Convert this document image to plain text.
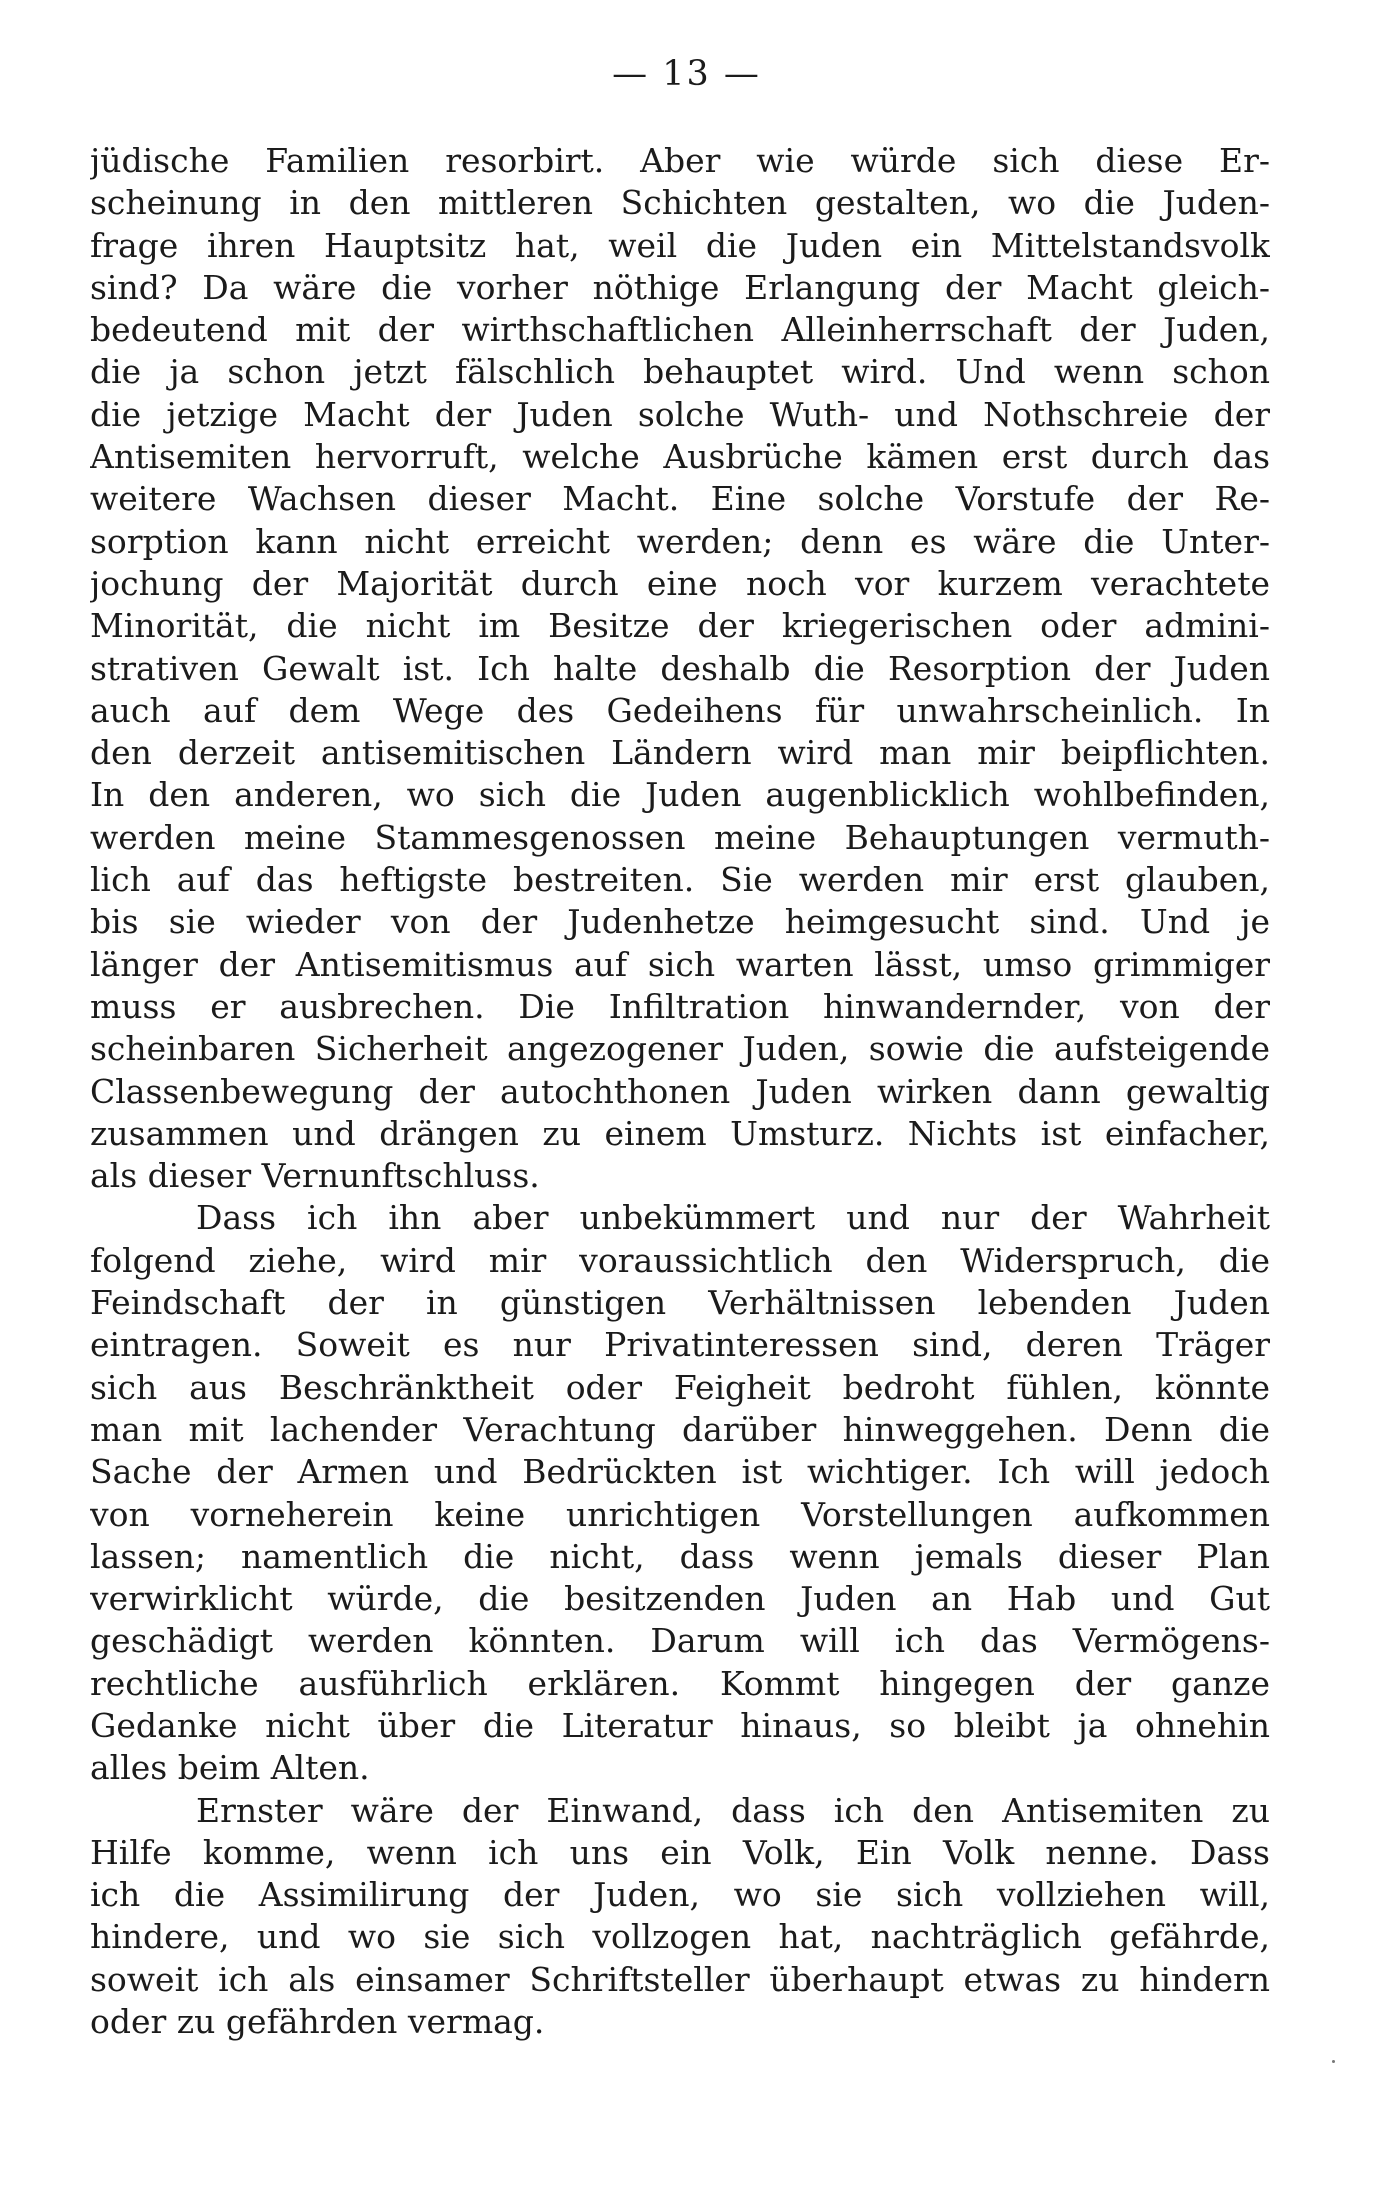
— 13 —
jüdische Familien resorbirt. Aber wie würde sich diese Er-
scheinung in den mittleren Schichten gestalten, wo die Juden-
frage ihren Hauptsitz hat, weil die Juden ein Mittelstandsvolk
sind? Da wäre die vorher nöthige Erlangung der Macht gleich-
bedeutend mit der wirthschaftlichen Alleinherrschaft der Juden,
die ja schon jetzt fälschlich behauptet wird. Und wenn schon
die jetzige Macht der Juden solche Wuth- und Nothschreie der
Antisemiten hervorruft, welche Ausbrüche kämen erst durch das
weitere Wachsen dieser Macht. Eine solche Vorstufe der Re-
sorption kann nicht erreicht werden; denn es wäre die Unter-
jochung der Majorität durch eine noch vor kurzem verachtete
Minorität, die nicht im Besitze der kriegerischen oder admini-
strativen Gewalt ist. Ich halte deshalb die Resorption der Juden
auch auf dem Wege des Gedeihens für unwahrscheinlich. In
den derzeit antisemitischen Ländern wird man mir beipflichten.
In den anderen, wo sich die Juden augenblicklich wohlbefinden,
werden meine Stammesgenossen meine Behauptungen vermuth-
lich auf das heftigste bestreiten. Sie werden mir erst glauben,
bis sie wieder von der Judenhetze heimgesucht sind. Und je
länger der Antisemitismus auf sich warten lässt, umso grimmiger
muss er ausbrechen. Die Infiltration hinwandernder, von der
scheinbaren Sicherheit angezogener Juden, sowie die aufsteigende
Classenbewegung der autochthonen Juden wirken dann gewaltig
zusammen und drängen zu einem Umsturz. Nichts ist einfacher,
als dieser Vernunftschluss.
Dass ich ihn aber unbekümmert und nur der Wahrheit
folgend ziehe, wird mir voraussichtlich den Widerspruch, die
Feindschaft der in günstigen Verhältnissen lebenden Juden
eintragen. Soweit es nur Privatinteressen sind, deren Träger
sich aus Beschränktheit oder Feigheit bedroht fühlen, könnte
man mit lachender Verachtung darüber hinweggehen. Denn die
Sache der Armen und Bedrückten ist wichtiger. Ich will jedoch
von vorneherein keine unrichtigen Vorstellungen aufkommen
lassen; namentlich die nicht, dass wenn jemals dieser Plan
verwirklicht würde, die besitzenden Juden an Hab und Gut
geschädigt werden könnten. Darum will ich das Vermögens-
rechtliche ausführlich erklären. Kommt hingegen der ganze
Gedanke nicht über die Literatur hinaus, so bleibt ja ohnehin
alles beim Alten.
Ernster wäre der Einwand, dass ich den Antisemiten zu
Hilfe komme, wenn ich uns ein Volk, Ein Volk nenne. Dass
ich die Assimilirung der Juden, wo sie sich vollziehen will,
hindere, und wo sie sich vollzogen hat, nachträglich gefährde,
soweit ich als einsamer Schriftsteller überhaupt etwas zu hindern
oder zu gefährden vermag.
